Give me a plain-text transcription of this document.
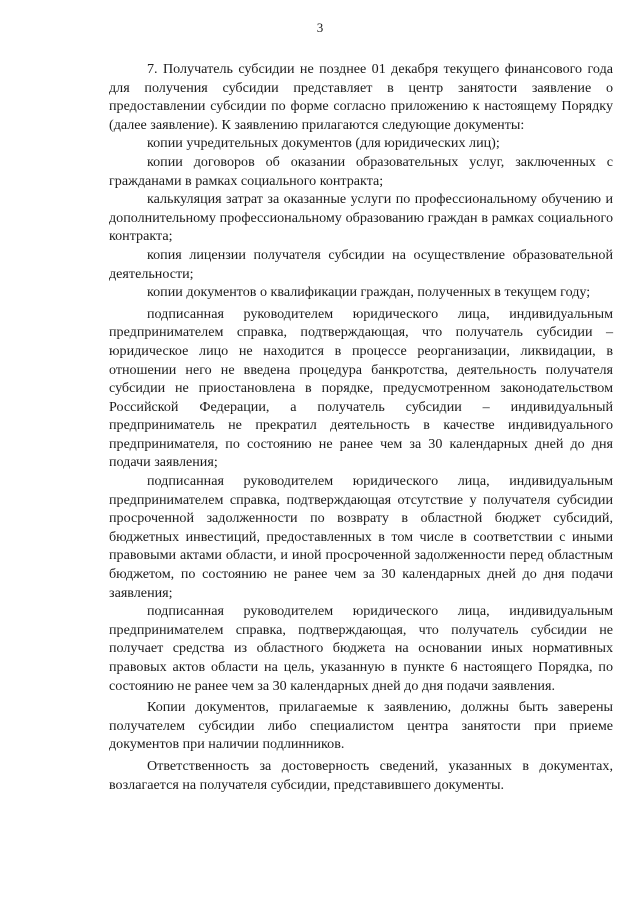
3

7. Получатель субсидии не позднее 01 декабря текущего финансового года для получения субсидии представляет в центр занятости заявление о предоставлении субсидии по форме согласно приложению к настоящему Порядку (далее заявление). К заявлению прилагаются следующие документы:

копии учредительных документов (для юридических лиц);

копии договоров об оказании образовательных услуг, заключенных с гражданами в рамках социального контракта;

калькуляция затрат за оказанные услуги по профессиональному обучению и дополнительному профессиональному образованию граждан в рамках социального контракта;

копия лицензии получателя субсидии на осуществление образовательной деятельности;

копии документов о квалификации граждан, полученных в текущем году;

подписанная руководителем юридического лица, индивидуальным предпринимателем справка, подтверждающая, что получатель субсидии – юридическое лицо не находится в процессе реорганизации, ликвидации, в отношении него не введена процедура банкротства, деятельность получателя субсидии не приостановлена в порядке, предусмотренном законодательством Российской Федерации, а получатель субсидии – индивидуальный предприниматель не прекратил деятельность в качестве индивидуального предпринимателя, по состоянию не ранее чем за 30 календарных дней до дня подачи заявления;

подписанная руководителем юридического лица, индивидуальным предпринимателем справка, подтверждающая отсутствие у получателя субсидии просроченной задолженности по возврату в областной бюджет субсидий, бюджетных инвестиций, предоставленных в том числе в соответствии с иными правовыми актами области, и иной просроченной задолженности перед областным бюджетом, по состоянию не ранее чем за 30 календарных дней до дня подачи заявления;

подписанная руководителем юридического лица, индивидуальным предпринимателем справка, подтверждающая, что получатель субсидии не получает средства из областного бюджета на основании иных нормативных правовых актов области на цель, указанную в пункте 6 настоящего Порядка, по состоянию не ранее чем за 30 календарных дней до дня подачи заявления.

Копии документов, прилагаемые к заявлению, должны быть заверены получателем субсидии либо специалистом центра занятости при приеме документов при наличии подлинников.

Ответственность за достоверность сведений, указанных в документах, возлагается на получателя субсидии, представившего документы.
